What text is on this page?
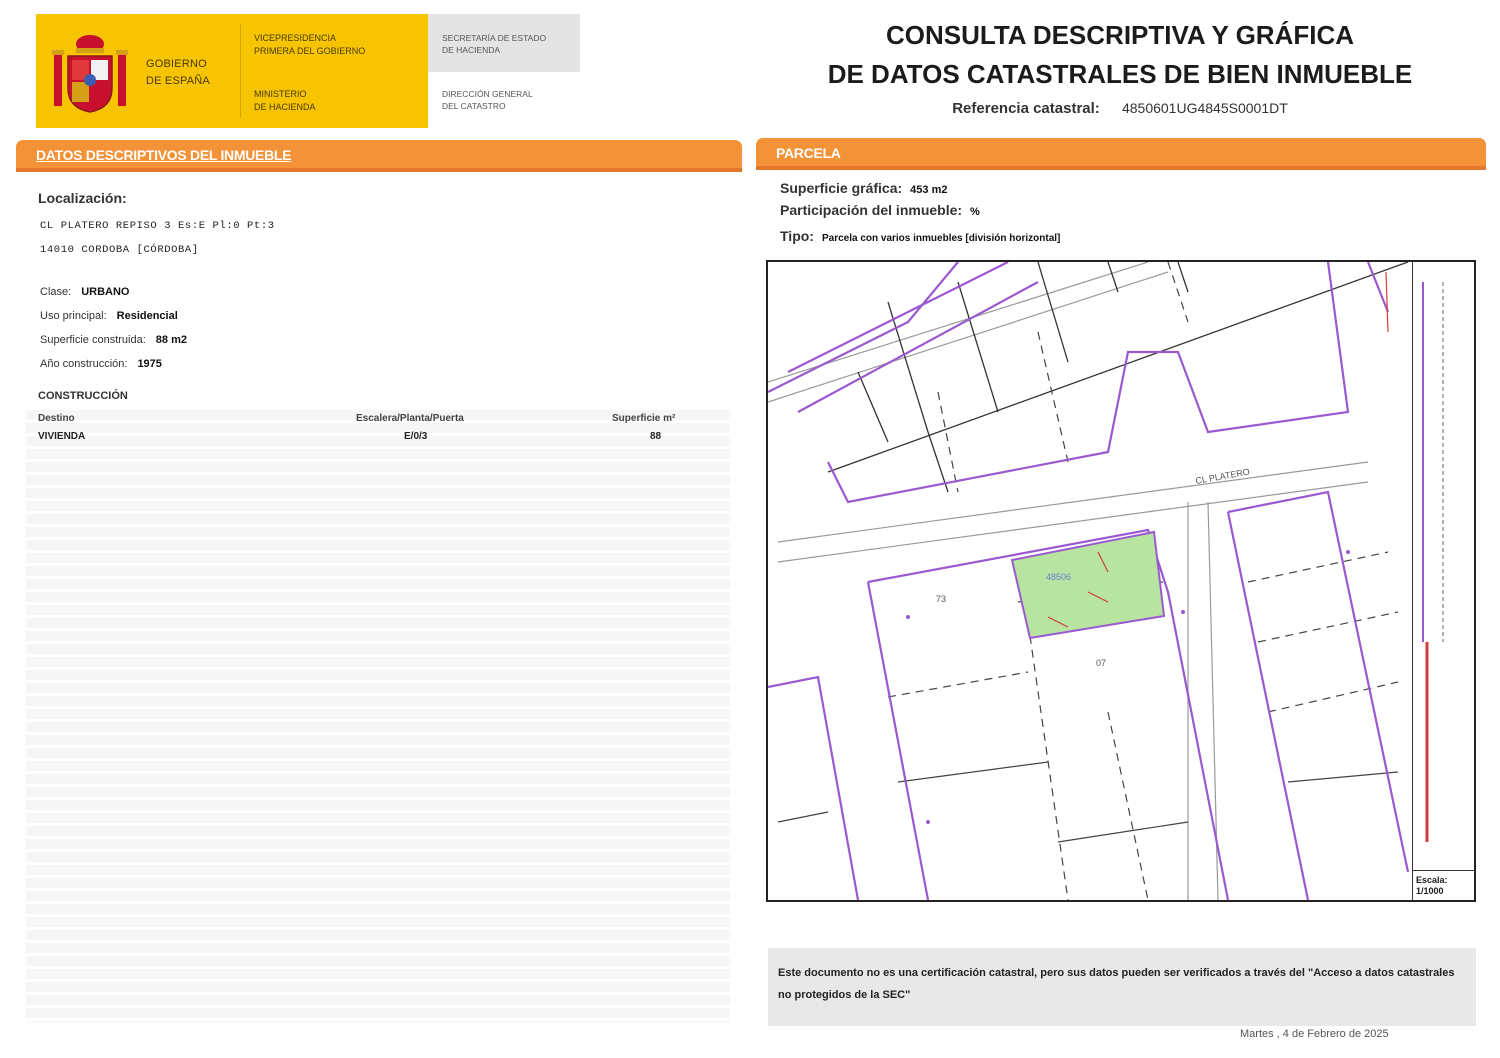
GOBIERNO
DE ESPAÑA
VICEPRESIDENCIA
PRIMERA DEL GOBIERNO
MINISTERIO
DE HACIENDA
SECRETARÍA DE ESTADO
DE HACIENDA
DIRECCIÓN GENERAL
DEL CATASTRO
CONSULTA DESCRIPTIVA Y GRÁFICA
DE DATOS CATASTRALES DE BIEN INMUEBLE
Referencia catastral: 4850601UG4845S0001DT
DATOS DESCRIPTIVOS DEL INMUEBLE
Localización:
CL PLATERO REPISO 3 Es:E Pl:0 Pt:3
14010 CORDOBA [CÓRDOBA]
Clase: URBANO
Uso principal: Residencial
Superficie construida: 88 m2
Año construcción: 1975
CONSTRUCCIÓN
Destino	Escalera/Planta/Puerta	Superficie m²
VIVIENDA	E/0/3	88
PARCELA
Superficie gráfica: 453 m2
Participación del inmueble: %
Tipo: Parcela con varios inmuebles [división horizontal]
48506
73
07
CL PLATERO
Escala: 1/1000

Este documento no es una certificación catastral, pero sus datos pueden ser verificados a través del "Acceso a datos catastrales no protegidos de la SEC"

Martes , 4 de Febrero de 2025
